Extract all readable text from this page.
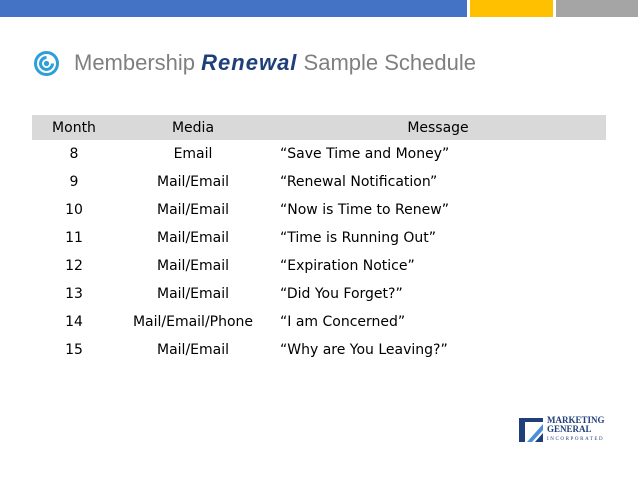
Membership Renewal Sample Schedule
Month	Media	Message
8	Email	“Save Time and Money”
9	Mail/Email	“Renewal Notification”
10	Mail/Email	“Now is Time to Renew”
11	Mail/Email	“Time is Running Out”
12	Mail/Email	“Expiration Notice”
13	Mail/Email	“Did You Forget?”
14	Mail/Email/Phone	“I am Concerned”
15	Mail/Email	“Why are You Leaving?”
MARKETING
GENERAL
INCORPORATED
